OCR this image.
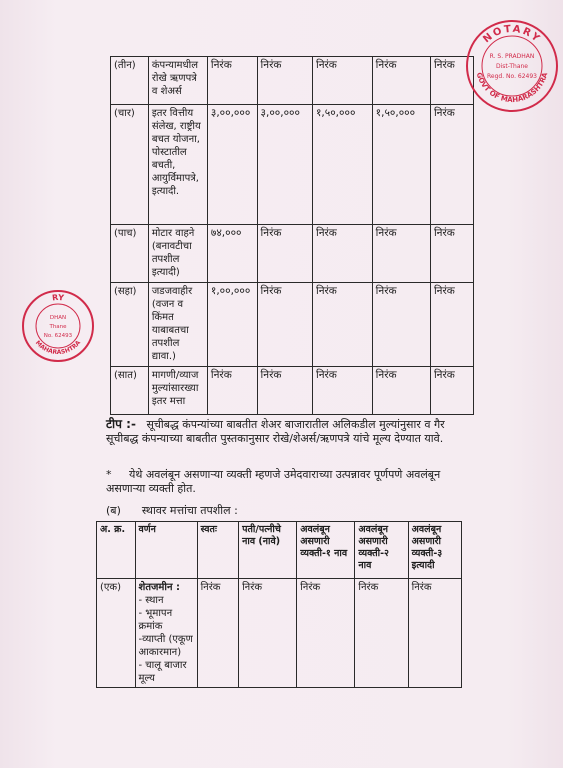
(तीन)	कंपन्यामधील रोखे ऋणपत्रे व शेअर्स	निरंक	निरंक	निरंक	निरंक	निरंक
(चार)	इतर वित्तीय संलेख, राष्ट्रीय बचत योजना, पोस्टातील बचती, आयुर्विमापत्रे, इत्यादी.	३,००,०००	३,००,०००	१,५०,०००	१,५०,०००	निरंक
(पाच)	मोटार वाहने (बनावटीचा तपशील इत्यादी)	७४,०००	निरंक	निरंक	निरंक	निरंक
(सहा)	जडजवाहीर (वजन व किंमत याबाबतचा तपशील द्यावा.)	१,००,०००	निरंक	निरंक	निरंक	निरंक
(सात)	मागणी/व्याज मुल्यांसारख्या इतर मत्ता	निरंक	निरंक	निरंक	निरंक	निरंक
टीप :- सूचीबद्ध कंपन्यांच्या बाबतीत शेअर बाजारातील अलिकडील मुल्यांनुसार व गैर सूचीबद्ध कंपन्याच्या बाबतीत पुस्तकानुसार रोखे/शेअर्स/ऋणपत्रे यांचे मूल्य देण्यात यावे.
* येथे अवलंबून असणाऱ्या व्यक्ती म्हणजे उमेदवाराच्या उत्पन्नावर पूर्णपणे अवलंबून असणाऱ्या व्यक्ती होत.
(ब) स्थावर मत्तांचा तपशील :
अ. क्र.	वर्णन	स्वतः	पती/पत्नीचे नाव (नावे)	अवलंबून असणारी व्यक्ती-१ नाव	अवलंबून असणारी व्यक्ती-२ नाव	अवलंबून असणारी व्यक्ती-३ इत्यादी
(एक)	शेतजमीन :
- स्थान
- भूमापन क्रमांक
-व्याप्ती (एकूण आकारमान)
- चालू बाजार मूल्य	निरंक	निरंक	निरंक	निरंक	निरंक
NOTARY
GOVT OF MAHARASHTRA
R. S. PRADHAN
Dist-Thane
Regd. No. 62493
RY
MAHARASHTRA
DHAN
Thane
No. 62493
